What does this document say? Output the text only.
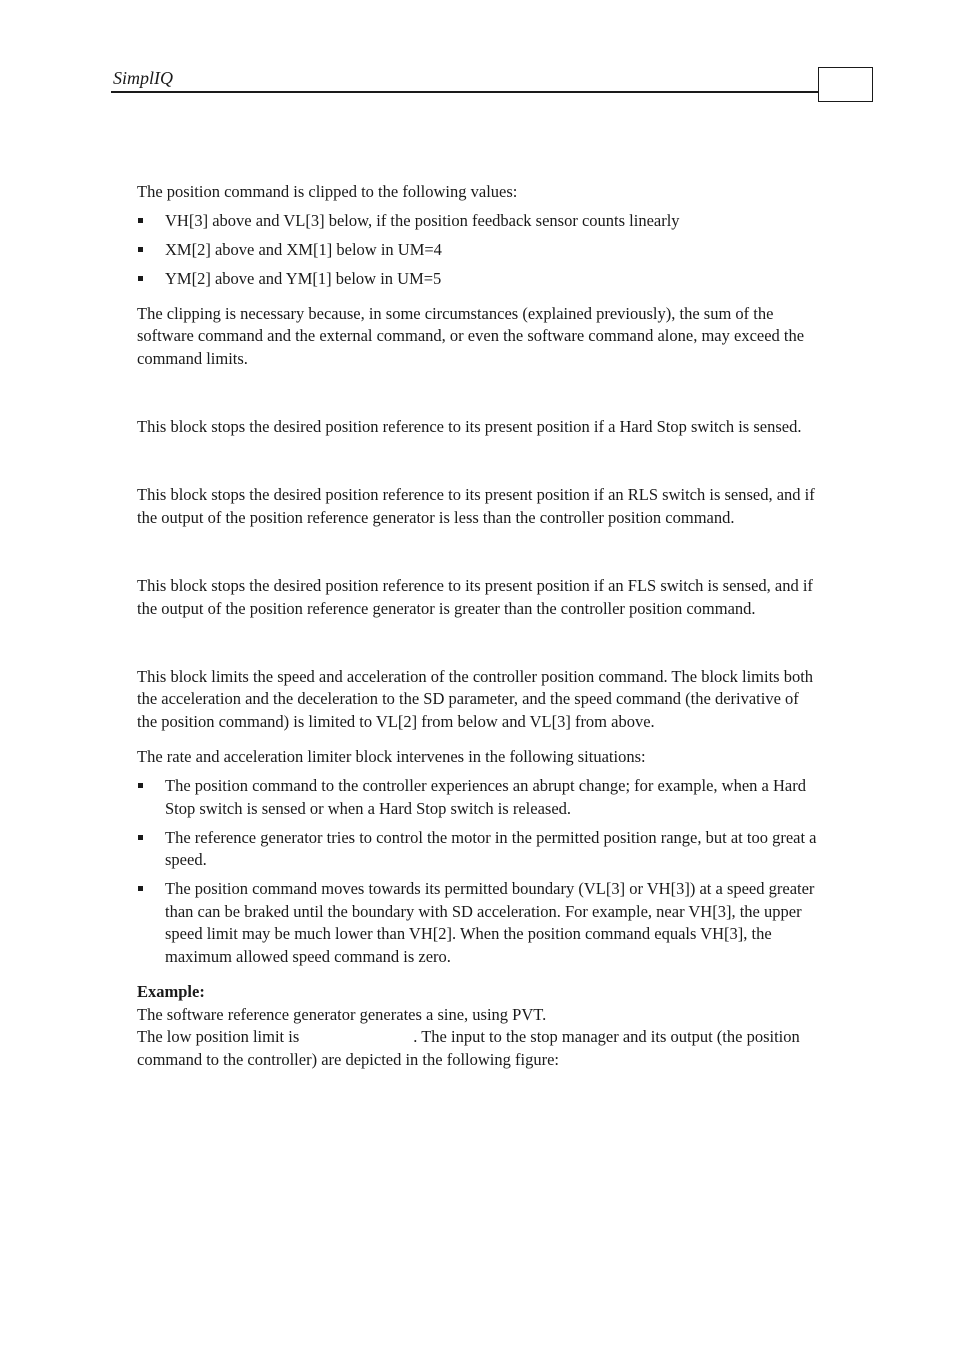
SimplIQ

The position command is clipped to the following values:

VH[3] above and VL[3] below, if the position feedback sensor counts linearly
XM[2] above and XM[1] below in UM=4
YM[2] above and YM[1] below in UM=5

The clipping is necessary because, in some circumstances (explained previously), the sum of the software command and the external command, or even the software command alone, may exceed the command limits.

This block stops the desired position reference to its present position if a Hard Stop switch is sensed.

This block stops the desired position reference to its present position if an RLS switch is sensed, and if the output of the position reference generator is less than the controller position command.

This block stops the desired position reference to its present position if an FLS switch is sensed, and if the output of the position reference generator is greater than the controller position command.

This block limits the speed and acceleration of the controller position command. The block limits both the acceleration and the deceleration to the SD parameter, and the speed command (the derivative of the position command) is limited to VL[2] from below and VL[3] from above.

The rate and acceleration limiter block intervenes in the following situations:

The position command to the controller experiences an abrupt change; for example, when a Hard Stop switch is sensed or when a Hard Stop switch is released.
The reference generator tries to control the motor in the permitted position range, but at too great a speed.
The position command moves towards its permitted boundary (VL[3] or VH[3]) at a speed greater than can be braked until the boundary with SD acceleration. For example, near VH[3], the upper speed limit may be much lower than VH[2]. When the position command equals VH[3], the maximum allowed speed command is zero.

Example:

The software reference generator generates a sine, using PVT.

The low position limit is	. The input to the stop manager and its output (the position command to the controller) are depicted in the following figure:
